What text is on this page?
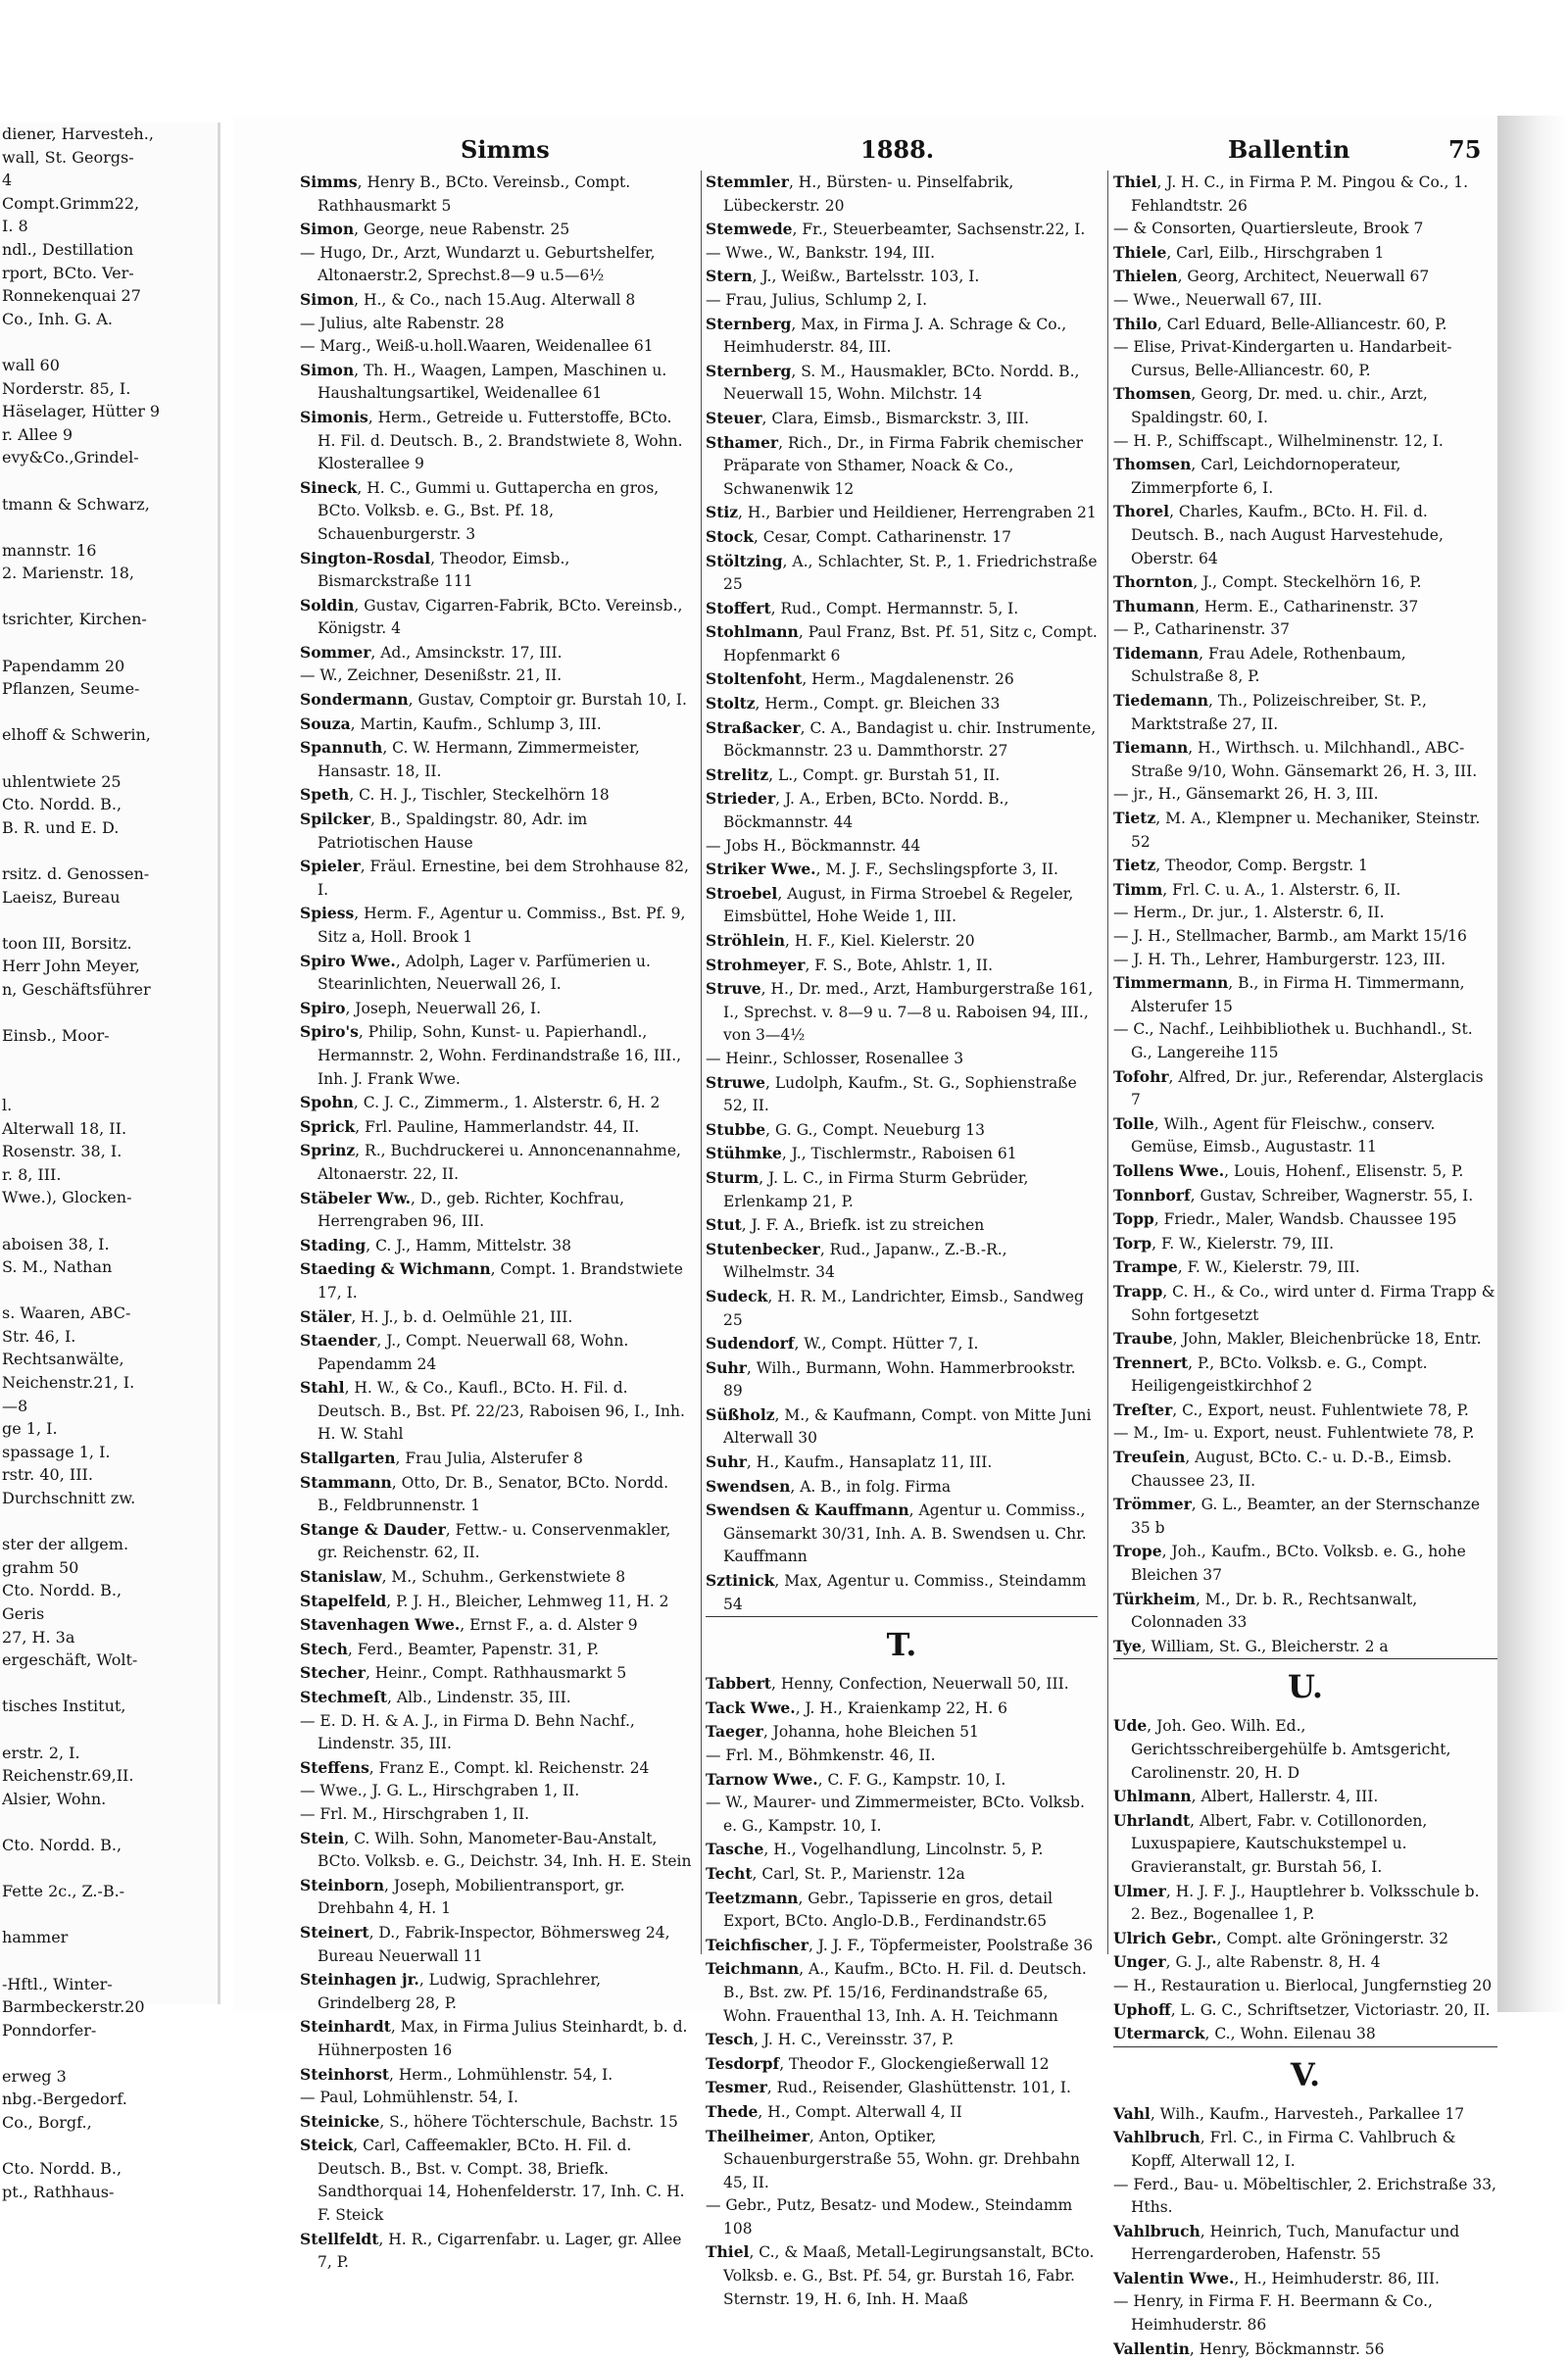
diener, Harvesteh.,
wall, St. Georgs-
4
Compt.Grimm22,
I. 8
ndl., Destillation
rport, BCto. Ver-
Ronnekenquai 27
Co., Inh. G. A.

wall 60
Norderstr. 85, I.
Häselager, Hütter 9
r. Allee 9
evy&Co.,Grindel-

tmann & Schwarz,

mannstr. 16
2. Marienstr. 18,

tsrichter, Kirchen-

Papendamm 20
Pflanzen, Seume-

elhoff & Schwerin,

uhlentwiete 25
Cto. Nordd. B.,
B. R. und E. D.

rsitz. d. Genossen-
Laeisz, Bureau

toon III, Borsitz.
Herr John Meyer,
n, Geschäftsführer

Einsb., Moor-

l.
Alterwall 18, II.
Rosenstr. 38, I.
r. 8, III.
Wwe.), Glocken-

aboisen 38, I.
S. M., Nathan

s. Waaren, ABC-
Str. 46, I.
Rechtsanwälte,
Neichenstr.21, I.
—8
ge 1, I.
spassage 1, I.
rstr. 40, III.
Durchschnitt zw.

ster der allgem.
grahm 50
Cto. Nordd. B.,
Geris
27, H. 3a
ergeschäft, Wolt-

tisches Institut,

erstr. 2, I.
Reichenstr.69,II.
Alsier, Wohn.

Cto. Nordd. B.,

Fette 2c., Z.-B.-

hammer

-Hftl., Winter-
Barmbeckerstr.20
Ponndorfer-

erweg 3
nbg.-Bergedorf.
Co., Borgf.,

Cto. Nordd. B.,
pt., Rathhaus-

Simms	1888.	Ballentin	75
Simms, Henry B., BCto. Vereinsb., Compt. Rathhausmarkt 5
Simon, George, neue Rabenstr. 25
— Hugo, Dr., Arzt, Wundarzt u. Geburtshelfer, Altonaerstr.2, Sprechst.8—9 u.5—6½
Simon, H., & Co., nach 15.Aug. Alterwall 8
— Julius, alte Rabenstr. 28
— Marg., Weiß-u.holl.Waaren, Weidenallee 61
Simon, Th. H., Waagen, Lampen, Maschinen u. Haushaltungsartikel, Weidenallee 61
Simonis, Herm., Getreide u. Futterstoffe, BCto. H. Fil. d. Deutsch. B., 2. Brandstwiete 8, Wohn. Klosterallee 9
Sineck, H. C., Gummi u. Guttapercha en gros, BCto. Volksb. e. G., Bst. Pf. 18, Schauenburgerstr. 3
Sington-Rosdal, Theodor, Eimsb., Bismarckstraße 111
Soldin, Gustav, Cigarren-Fabrik, BCto. Vereinsb., Königstr. 4
Sommer, Ad., Amsinckstr. 17, III.
— W., Zeichner, Desenißstr. 21, II.
Sondermann, Gustav, Comptoir gr. Burstah 10, I.
Souza, Martin, Kaufm., Schlump 3, III.
Spannuth, C. W. Hermann, Zimmermeister, Hansastr. 18, II.
Speth, C. H. J., Tischler, Steckelhörn 18
Spilcker, B., Spaldingstr. 80, Adr. im Patriotischen Hause
Spieler, Fräul. Ernestine, bei dem Strohhause 82, I.
Spiess, Herm. F., Agentur u. Commiss., Bst. Pf. 9, Sitz a, Holl. Brook 1
Spiro Wwe., Adolph, Lager v. Parfümerien u. Stearinlichten, Neuerwall 26, I.
Spiro, Joseph, Neuerwall 26, I.
Spiro's, Philip, Sohn, Kunst- u. Papierhandl., Hermannstr. 2, Wohn. Ferdinandstraße 16, III., Inh. J. Frank Wwe.
Spohn, C. J. C., Zimmerm., 1. Alsterstr. 6, H. 2
Sprick, Frl. Pauline, Hammerlandstr. 44, II.
Sprinz, R., Buchdruckerei u. Annoncenannahme, Altonaerstr. 22, II.
Stäbeler Ww., D., geb. Richter, Kochfrau, Herrengraben 96, III.
Stading, C. J., Hamm, Mittelstr. 38
Staeding & Wichmann, Compt. 1. Brandstwiete 17, I.
Stäler, H. J., b. d. Oelmühle 21, III.
Staender, J., Compt. Neuerwall 68, Wohn. Papendamm 24
Stahl, H. W., & Co., Kaufl., BCto. H. Fil. d. Deutsch. B., Bst. Pf. 22/23, Raboisen 96, I., Inh. H. W. Stahl
Stallgarten, Frau Julia, Alsterufer 8
Stammann, Otto, Dr. B., Senator, BCto. Nordd. B., Feldbrunnenstr. 1
Stange & Dauder, Fettw.- u. Conservenmakler, gr. Reichenstr. 62, II.
Stanislaw, M., Schuhm., Gerkenstwiete 8
Stapelfeld, P. J. H., Bleicher, Lehmweg 11, H. 2
Stavenhagen Wwe., Ernst F., a. d. Alster 9
Stech, Ferd., Beamter, Papenstr. 31, P.
Stecher, Heinr., Compt. Rathhausmarkt 5
Stechmeſt, Alb., Lindenstr. 35, III.
— E. D. H. & A. J., in Firma D. Behn Nachf., Lindenstr. 35, III.
Steffens, Franz E., Compt. kl. Reichenstr. 24
— Wwe., J. G. L., Hirschgraben 1, II.
— Frl. M., Hirschgraben 1, II.
Stein, C. Wilh. Sohn, Manometer-Bau-Anstalt, BCto. Volksb. e. G., Deichstr. 34, Inh. H. E. Stein
Steinborn, Joseph, Mobilientransport, gr. Drehbahn 4, H. 1
Steinert, D., Fabrik-Inspector, Böhmersweg 24, Bureau Neuerwall 11
Steinhagen jr., Ludwig, Sprachlehrer, Grindelberg 28, P.
Steinhardt, Max, in Firma Julius Steinhardt, b. d. Hühnerposten 16
Steinhorst, Herm., Lohmühlenstr. 54, I.
— Paul, Lohmühlenstr. 54, I.
Steinicke, S., höhere Töchterschule, Bachstr. 15
Steick, Carl, Caffeemakler, BCto. H. Fil. d. Deutsch. B., Bst. v. Compt. 38, Briefk. Sandthorquai 14, Hohenfelderstr. 17, Inh. C. H. F. Steick
Stellfeldt, H. R., Cigarrenfabr. u. Lager, gr. Allee 7, P.
Stemmler, H., Bürsten- u. Pinselfabrik, Lübeckerstr. 20
Stemwede, Fr., Steuerbeamter, Sachsenstr.22, I.
— Wwe., W., Bankstr. 194, III.
Stern, J., Weißw., Bartelsstr. 103, I.
— Frau, Julius, Schlump 2, I.
Sternberg, Max, in Firma J. A. Schrage & Co., Heimhuderstr. 84, III.
Sternberg, S. M., Hausmakler, BCto. Nordd. B., Neuerwall 15, Wohn. Milchstr. 14
Steuer, Clara, Eimsb., Bismarckstr. 3, III.
Sthamer, Rich., Dr., in Firma Fabrik chemischer Präparate von Sthamer, Noack & Co., Schwanenwik 12
Stiz, H., Barbier und Heildiener, Herrengraben 21
Stock, Cesar, Compt. Catharinenstr. 17
Stöltzing, A., Schlachter, St. P., 1. Friedrichstraße 25
Stoffert, Rud., Compt. Hermannstr. 5, I.
Stohlmann, Paul Franz, Bst. Pf. 51, Sitz c, Compt. Hopfenmarkt 6
Stoltenfoht, Herm., Magdalenenstr. 26
Stoltz, Herm., Compt. gr. Bleichen 33
Straßacker, C. A., Bandagist u. chir. Instrumente, Böckmannstr. 23 u. Dammthorstr. 27
Strelitz, L., Compt. gr. Burstah 51, II.
Strieder, J. A., Erben, BCto. Nordd. B., Böckmannstr. 44
— Jobs H., Böckmannstr. 44
Striker Wwe., M. J. F., Sechslingspforte 3, II.
Stroebel, August, in Firma Stroebel & Regeler, Eimsbüttel, Hohe Weide 1, III.
Ströhlein, H. F., Kiel. Kielerstr. 20
Strohmeyer, F. S., Bote, Ahlstr. 1, II.
Struve, H., Dr. med., Arzt, Hamburgerstraße 161, I., Sprechst. v. 8—9 u. 7—8 u. Raboisen 94, III., von 3—4½
— Heinr., Schlosser, Rosenallee 3
Struwe, Ludolph, Kaufm., St. G., Sophienstraße 52, II.
Stubbe, G. G., Compt. Neueburg 13
Stühmke, J., Tischlermstr., Raboisen 61
Sturm, J. L. C., in Firma Sturm Gebrüder, Erlenkamp 21, P.
Stut, J. F. A., Briefk. ist zu streichen
Stutenbecker, Rud., Japanw., Z.-B.-R., Wilhelmstr. 34
Sudeck, H. R. M., Landrichter, Eimsb., Sandweg 25
Sudendorf, W., Compt. Hütter 7, I.
Suhr, Wilh., Burmann, Wohn. Hammerbrookstr. 89
Süßholz, M., & Kaufmann, Compt. von Mitte Juni Alterwall 30
Suhr, H., Kaufm., Hansaplatz 11, III.
Swendsen, A. B., in folg. Firma
Swendsen & Kauffmann, Agentur u. Commiss., Gänsemarkt 30/31, Inh. A. B. Swendsen u. Chr. Kauffmann
Sztinick, Max, Agentur u. Commiss., Steindamm 54
T.
Tabbert, Henny, Confection, Neuerwall 50, III.
Tack Wwe., J. H., Kraienkamp 22, H. 6
Taeger, Johanna, hohe Bleichen 51
— Frl. M., Böhmkenstr. 46, II.
Tarnow Wwe., C. F. G., Kampstr. 10, I.
— W., Maurer- und Zimmermeister, BCto. Volksb. e. G., Kampstr. 10, I.
Tasche, H., Vogelhandlung, Lincolnstr. 5, P.
Techt, Carl, St. P., Marienstr. 12a
Teetzmann, Gebr., Tapisserie en gros, detail Export, BCto. Anglo-D.B., Ferdinandstr.65
Teichfischer, J. J. F., Töpfermeister, Poolstraße 36
Teichmann, A., Kaufm., BCto. H. Fil. d. Deutsch. B., Bst. zw. Pf. 15/16, Ferdinandstraße 65, Wohn. Frauenthal 13, Inh. A. H. Teichmann
Tesch, J. H. C., Vereinsstr. 37, P.
Tesdorpf, Theodor F., Glockengießerwall 12
Tesmer, Rud., Reisender, Glashüttenstr. 101, I.
Thede, H., Compt. Alterwall 4, II
Theilheimer, Anton, Optiker, Schauenburgerstraße 55, Wohn. gr. Drehbahn 45, II.
— Gebr., Putz, Besatz- und Modew., Steindamm 108
Thiel, C., & Maaß, Metall-Legirungsanstalt, BCto. Volksb. e. G., Bst. Pf. 54, gr. Burstah 16, Fabr. Sternstr. 19, H. 6, Inh. H. Maaß
Thiel, J. H. C., in Firma P. M. Pingou & Co., 1. Fehlandtstr. 26
— & Consorten, Quartiersleute, Brook 7
Thiele, Carl, Eilb., Hirschgraben 1
Thielen, Georg, Architect, Neuerwall 67
— Wwe., Neuerwall 67, III.
Thilo, Carl Eduard, Belle-Alliancestr. 60, P.
— Elise, Privat-Kindergarten u. Handarbeit-Cursus, Belle-Alliancestr. 60, P.
Thomsen, Georg, Dr. med. u. chir., Arzt, Spaldingstr. 60, I.
— H. P., Schiffscapt., Wilhelminenstr. 12, I.
Thomsen, Carl, Leichdornoperateur, Zimmerpforte 6, I.
Thorel, Charles, Kaufm., BCto. H. Fil. d. Deutsch. B., nach August Harvestehude, Oberstr. 64
Thornton, J., Compt. Steckelhörn 16, P.
Thumann, Herm. E., Catharinenstr. 37
— P., Catharinenstr. 37
Tidemann, Frau Adele, Rothenbaum, Schulstraße 8, P.
Tiedemann, Th., Polizeischreiber, St. P., Marktstraße 27, II.
Tiemann, H., Wirthsch. u. Milchhandl., ABC-Straße 9/10, Wohn. Gänsemarkt 26, H. 3, III.
— jr., H., Gänsemarkt 26, H. 3, III.
Tietz, M. A., Klempner u. Mechaniker, Steinstr. 52
Tietz, Theodor, Comp. Bergstr. 1
Timm, Frl. C. u. A., 1. Alsterstr. 6, II.
— Herm., Dr. jur., 1. Alsterstr. 6, II.
— J. H., Stellmacher, Barmb., am Markt 15/16
— J. H. Th., Lehrer, Hamburgerstr. 123, III.
Timmermann, B., in Firma H. Timmermann, Alsterufer 15
— C., Nachf., Leihbibliothek u. Buchhandl., St. G., Langereihe 115
Tofohr, Alfred, Dr. jur., Referendar, Alsterglacis 7
Tolle, Wilh., Agent für Fleischw., conserv. Gemüse, Eimsb., Augustastr. 11
Tollens Wwe., Louis, Hohenf., Elisenstr. 5, P.
Tonnborf, Gustav, Schreiber, Wagnerstr. 55, I.
Topp, Friedr., Maler, Wandsb. Chaussee 195
Torp, F. W., Kielerstr. 79, III.
Trampe, F. W., Kielerstr. 79, III.
Trapp, C. H., & Co., wird unter d. Firma Trapp & Sohn fortgesetzt
Traube, John, Makler, Bleichenbrücke 18, Entr.
Trennert, P., BCto. Volksb. e. G., Compt. Heiligengeistkirchhof 2
Treſter, C., Export, neust. Fuhlentwiete 78, P.
— M., Im- u. Export, neust. Fuhlentwiete 78, P.
Treuſein, August, BCto. C.- u. D.-B., Eimsb. Chaussee 23, II.
Trömmer, G. L., Beamter, an der Sternschanze 35 b
Trope, Joh., Kaufm., BCto. Volksb. e. G., hohe Bleichen 37
Türkheim, M., Dr. b. R., Rechtsanwalt, Colonnaden 33
Tye, William, St. G., Bleicherstr. 2 a
U.
Ude, Joh. Geo. Wilh. Ed., Gerichtsschreibergehülfe b. Amtsgericht, Carolinenstr. 20, H. D
Uhlmann, Albert, Hallerstr. 4, III.
Uhrlandt, Albert, Fabr. v. Cotillonorden, Luxuspapiere, Kautschukstempel u. Gravieranstalt, gr. Burstah 56, I.
Ulmer, H. J. F. J., Hauptlehrer b. Volksschule b. 2. Bez., Bogenallee 1, P.
Ulrich Gebr., Compt. alte Gröningerstr. 32
Unger, G. J., alte Rabenstr. 8, H. 4
— H., Restauration u. Bierlocal, Jungfernstieg 20
Uphoff, L. G. C., Schriftsetzer, Victoriastr. 20, II.
Utermarck, C., Wohn. Eilenau 38
V.
Vahl, Wilh., Kaufm., Harvesteh., Parkallee 17
Vahlbruch, Frl. C., in Firma C. Vahlbruch & Kopff, Alterwall 12, I.
— Ferd., Bau- u. Möbeltischler, 2. Erichstraße 33, Hths.
Vahlbruch, Heinrich, Tuch, Manufactur und Herrengarderoben, Hafenstr. 55
Valentin Wwe., H., Heimhuderstr. 86, III.
— Henry, in Firma F. H. Beermann & Co., Heimhuderstr. 86
Vallentin, Henry, Böckmannstr. 56
